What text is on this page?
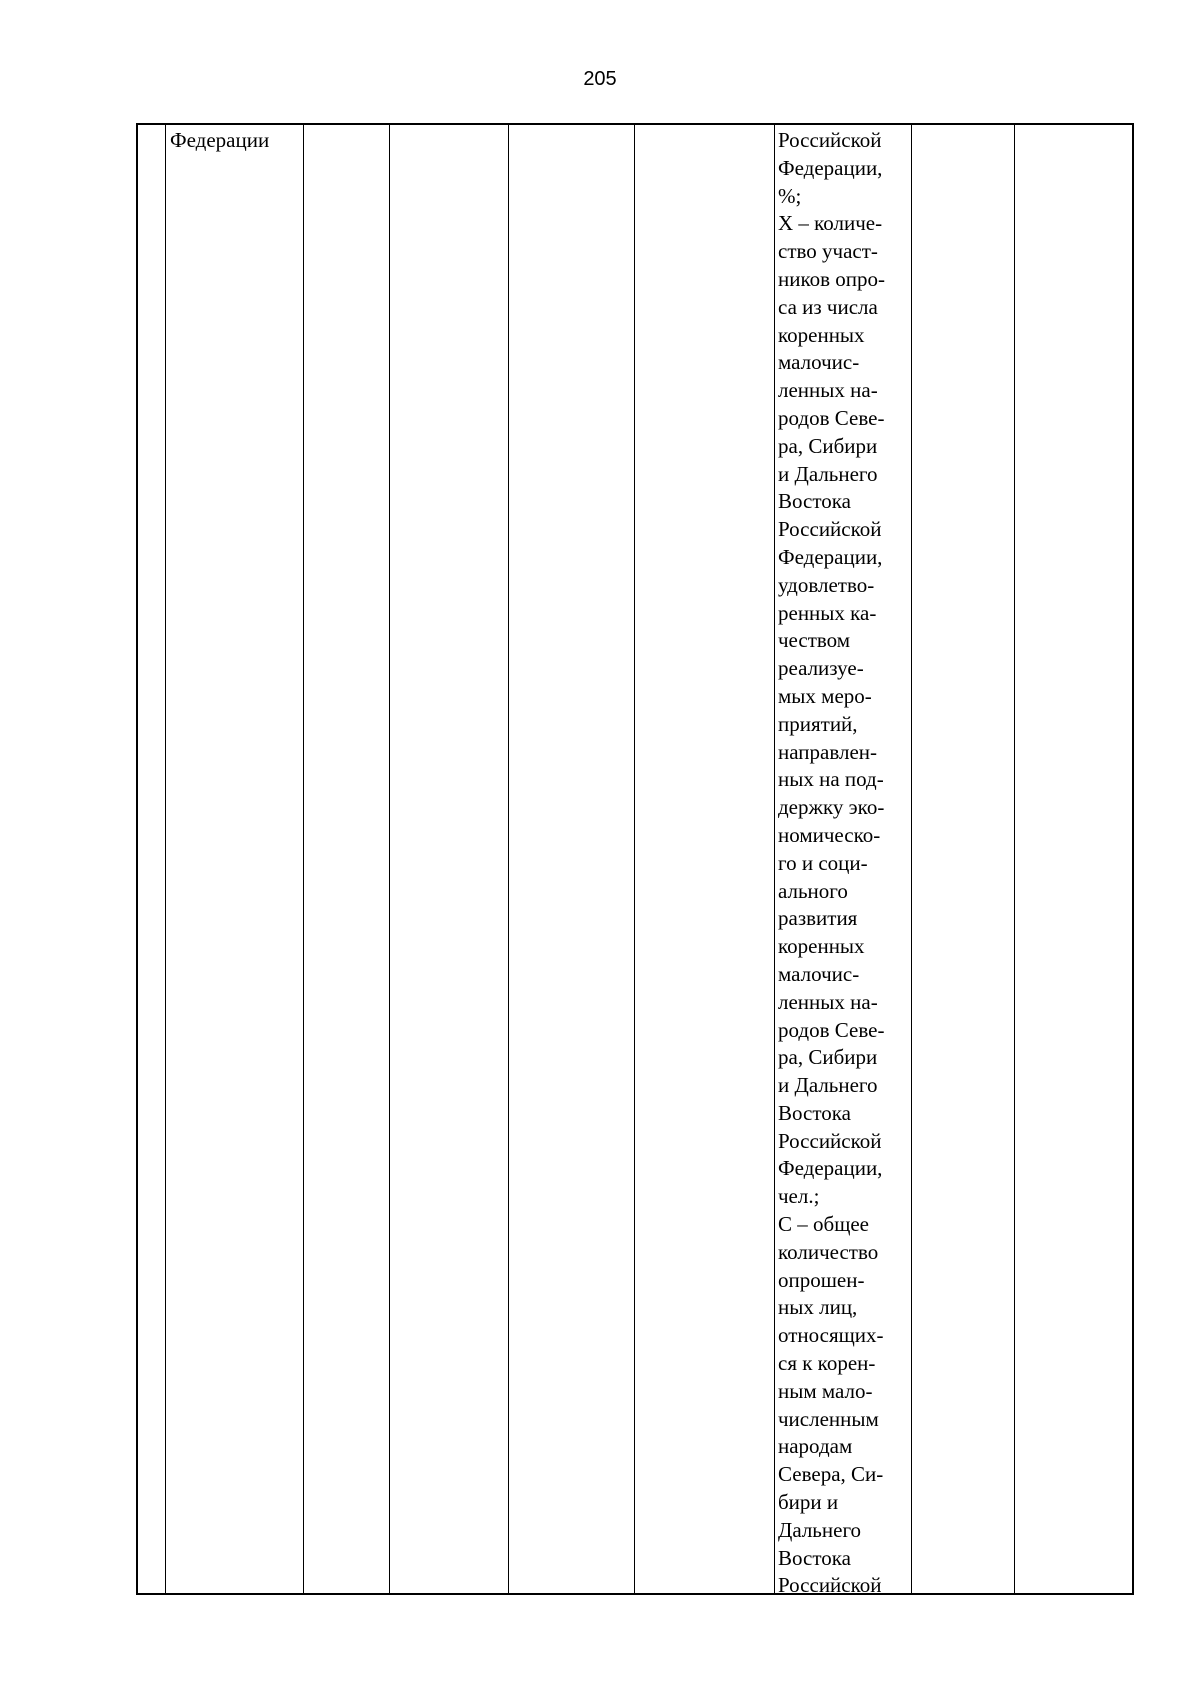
205
Федерации	Российской
Федерации,
%;
X – количе-
ство участ-
ников опро-
са из числа
коренных
малочис-
ленных на-
родов Севе-
ра, Сибири
и Дальнего
Востока
Российской
Федерации,
удовлетво-
ренных ка-
чеством
реализуе-
мых меро-
приятий,
направлен-
ных на под-
держку эко-
номическо-
го и соци-
ального
развития
коренных
малочис-
ленных на-
родов Севе-
ра, Сибири
и Дальнего
Востока
Российской
Федерации,
чел.;
С – общее
количество
опрошен-
ных лиц,
относящих-
ся к корен-
ным мало-
численным
народам
Севера, Си-
бири и
Дальнего
Востока
Российской
